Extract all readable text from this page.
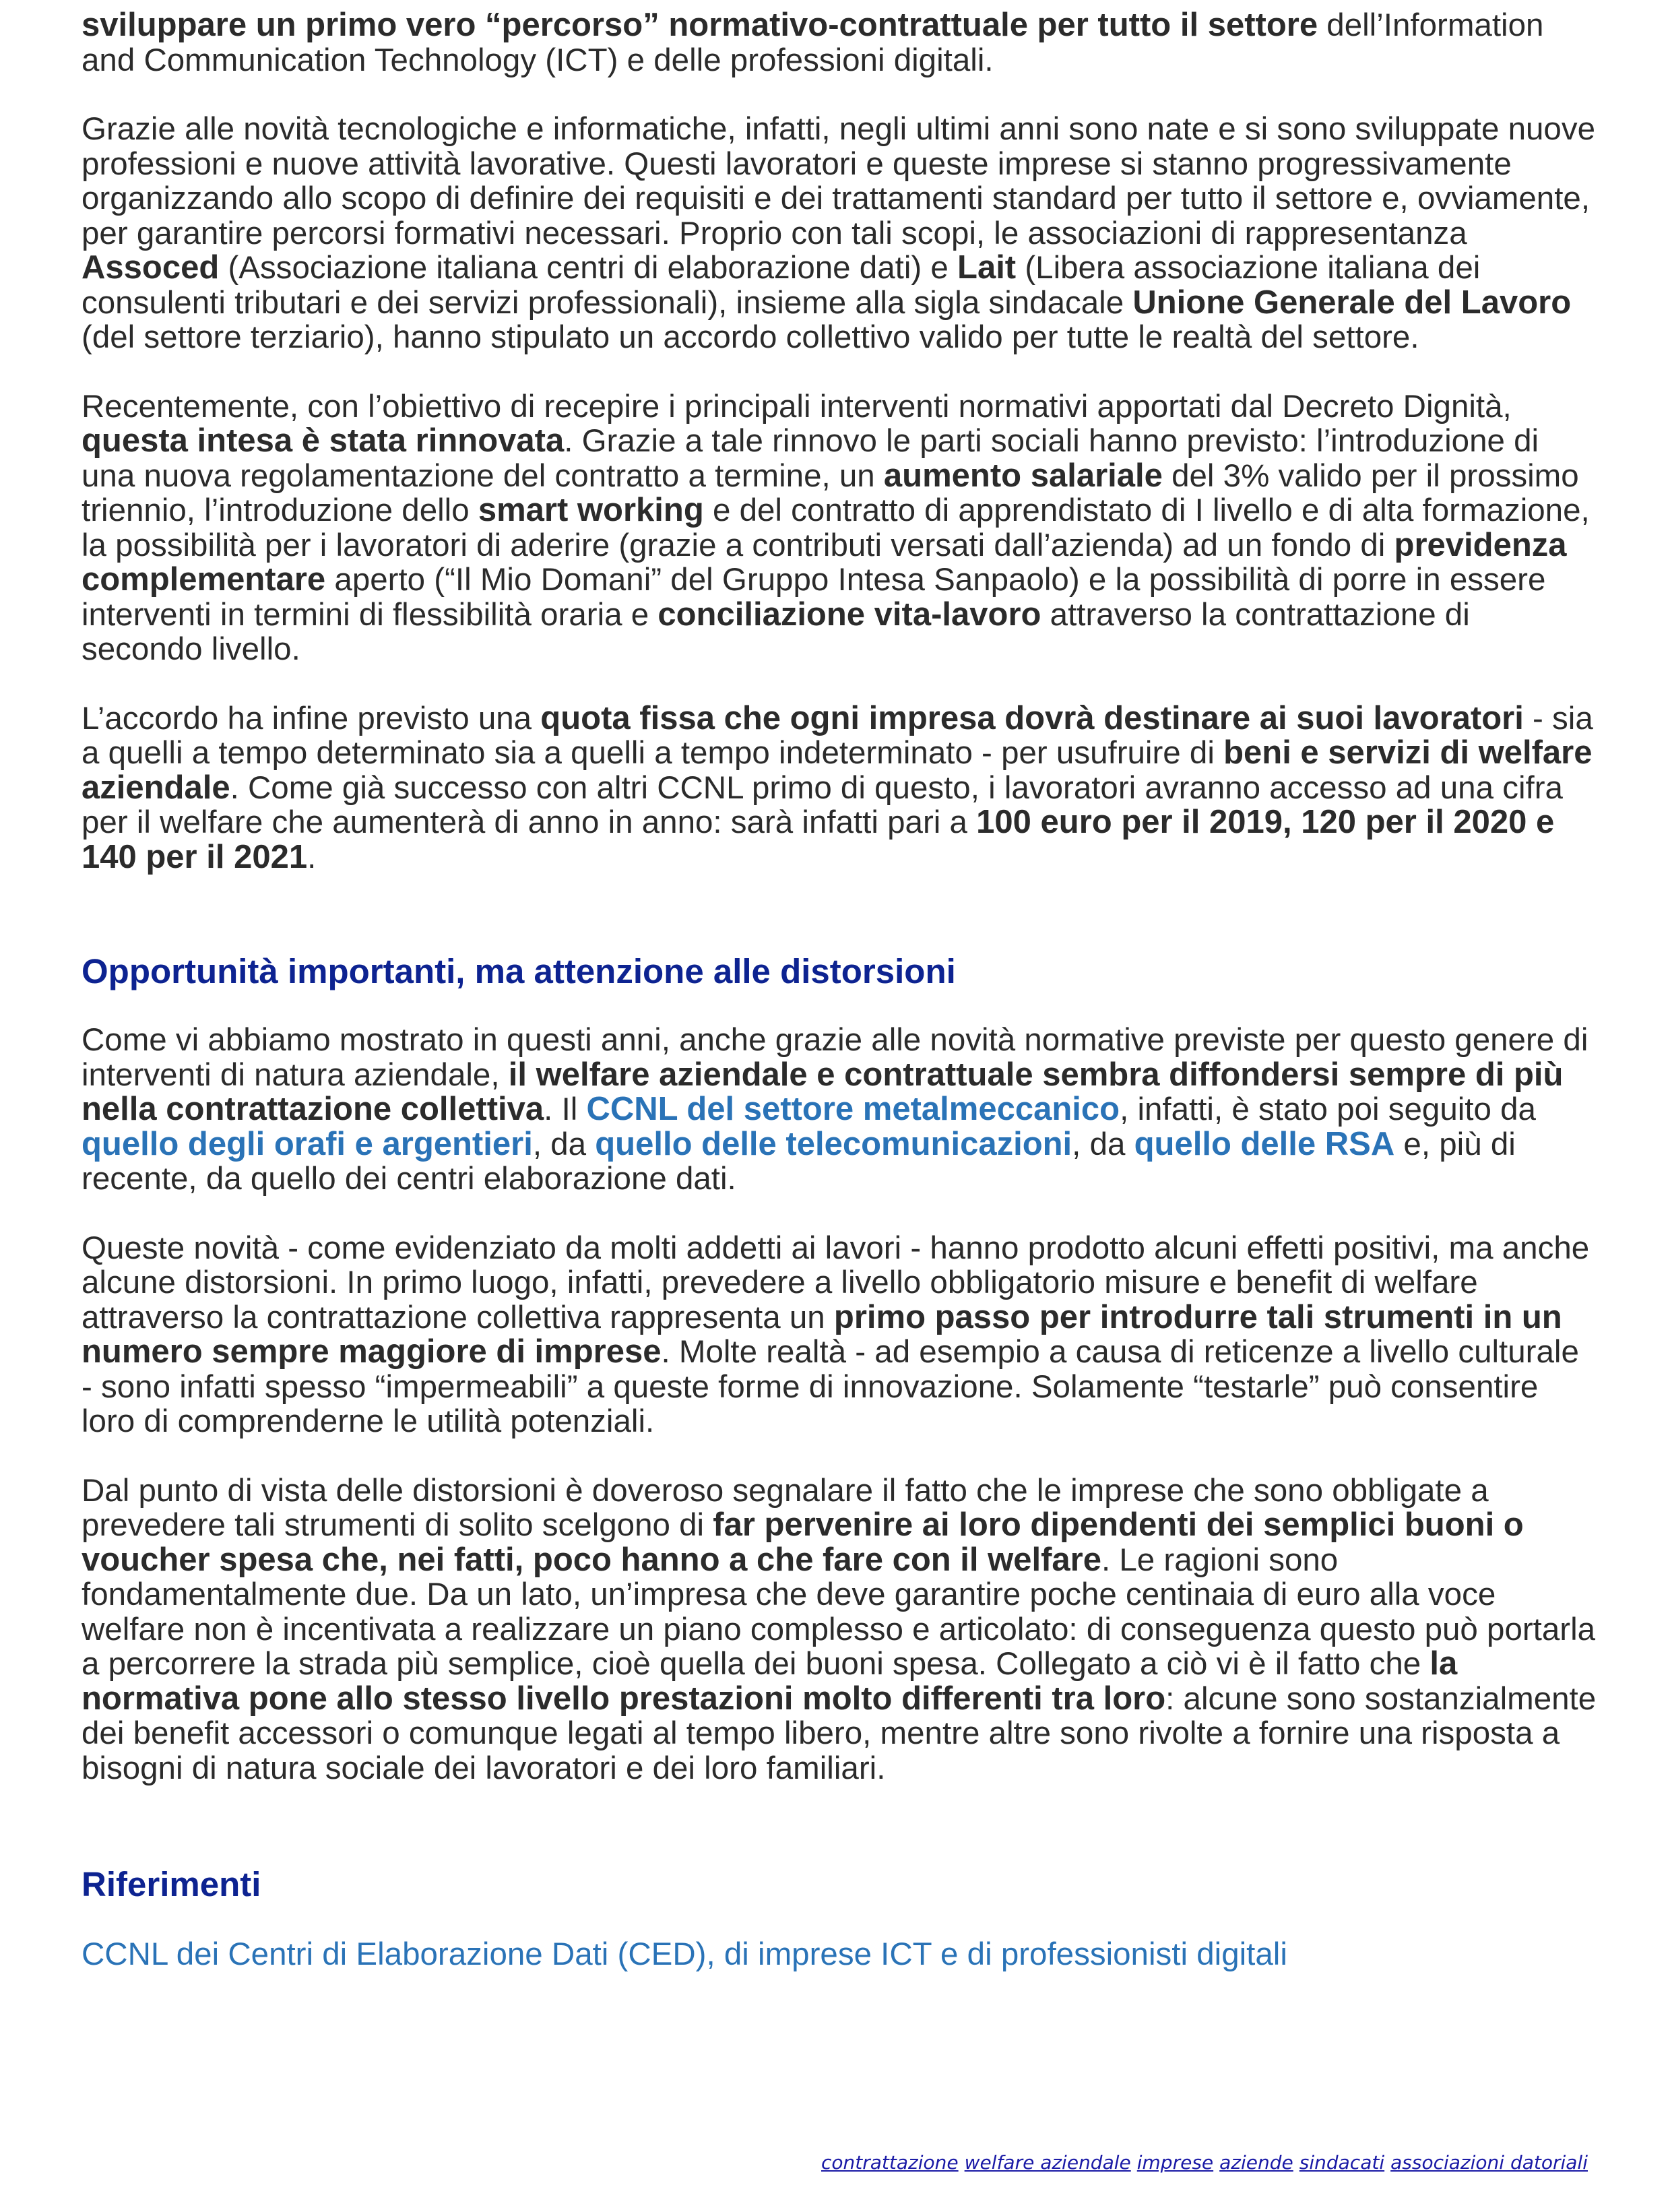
sviluppare un primo vero “percorso” normativo-contrattuale per tutto il settore dell’Information and Communication Technology (ICT) e delle professioni digitali.

Grazie alle novità tecnologiche e informatiche, infatti, negli ultimi anni sono nate e si sono sviluppate nuove professioni e nuove attività lavorative. Questi lavoratori e queste imprese si stanno progressivamente organizzando allo scopo di definire dei requisiti e dei trattamenti standard per tutto il settore e, ovviamente, per garantire percorsi formativi necessari. Proprio con tali scopi, le associazioni di rappresentanza Assoced (Associazione italiana centri di elaborazione dati) e Lait (Libera associazione italiana dei consulenti tributari e dei servizi professionali), insieme alla sigla sindacale Unione Generale del Lavoro (del settore terziario), hanno stipulato un accordo collettivo valido per tutte le realtà del settore.

Recentemente, con l’obiettivo di recepire i principali interventi normativi apportati dal Decreto Dignità, questa intesa è stata rinnovata. Grazie a tale rinnovo le parti sociali hanno previsto: l’introduzione di una nuova regolamentazione del contratto a termine, un aumento salariale del 3% valido per il prossimo triennio, l’introduzione dello smart working e del contratto di apprendistato di I livello e di alta formazione, la possibilità per i lavoratori di aderire (grazie a contributi versati dall’azienda) ad un fondo di previdenza complementare aperto (“Il Mio Domani” del Gruppo Intesa Sanpaolo) e la possibilità di porre in essere interventi in termini di flessibilità oraria e conciliazione vita-lavoro attraverso la contrattazione di secondo livello.

L’accordo ha infine previsto una quota fissa che ogni impresa dovrà destinare ai suoi lavoratori - sia a quelli a tempo determinato sia a quelli a tempo indeterminato - per usufruire di beni e servizi di welfare aziendale. Come già successo con altri CCNL primo di questo, i lavoratori avranno accesso ad una cifra per il welfare che aumenterà di anno in anno: sarà infatti pari a 100 euro per il 2019, 120 per il 2020 e 140 per il 2021.

Opportunità importanti, ma attenzione alle distorsioni

Come vi abbiamo mostrato in questi anni, anche grazie alle novità normative previste per questo genere di interventi di natura aziendale, il welfare aziendale e contrattuale sembra diffondersi sempre di più nella contrattazione collettiva. Il CCNL del settore metalmeccanico, infatti, è stato poi seguito da quello degli orafi e argentieri, da quello delle telecomunicazioni, da quello delle RSA e, più di recente, da quello dei centri elaborazione dati.

Queste novità - come evidenziato da molti addetti ai lavori - hanno prodotto alcuni effetti positivi, ma anche alcune distorsioni. In primo luogo, infatti, prevedere a livello obbligatorio misure e benefit di welfare attraverso la contrattazione collettiva rappresenta un primo passo per introdurre tali strumenti in un numero sempre maggiore di imprese. Molte realtà - ad esempio a causa di reticenze a livello culturale - sono infatti spesso “impermeabili” a queste forme di innovazione. Solamente “testarle” può consentire loro di comprenderne le utilità potenziali.

Dal punto di vista delle distorsioni è doveroso segnalare il fatto che le imprese che sono obbligate a prevedere tali strumenti di solito scelgono di far pervenire ai loro dipendenti dei semplici buoni o voucher spesa che, nei fatti, poco hanno a che fare con il welfare. Le ragioni sono fondamentalmente due. Da un lato, un’impresa che deve garantire poche centinaia di euro alla voce welfare non è incentivata a realizzare un piano complesso e articolato: di conseguenza questo può portarla a percorrere la strada più semplice, cioè quella dei buoni spesa. Collegato a ciò vi è il fatto che la normativa pone allo stesso livello prestazioni molto differenti tra loro: alcune sono sostanzialmente dei benefit accessori o comunque legati al tempo libero, mentre altre sono rivolte a fornire una risposta a bisogni di natura sociale dei lavoratori e dei loro familiari.

Riferimenti
CCNL dei Centri di Elaborazione Dati (CED), di imprese ICT e di professionisti digitali
contrattazione welfare aziendale imprese aziende sindacati associazioni datoriali
